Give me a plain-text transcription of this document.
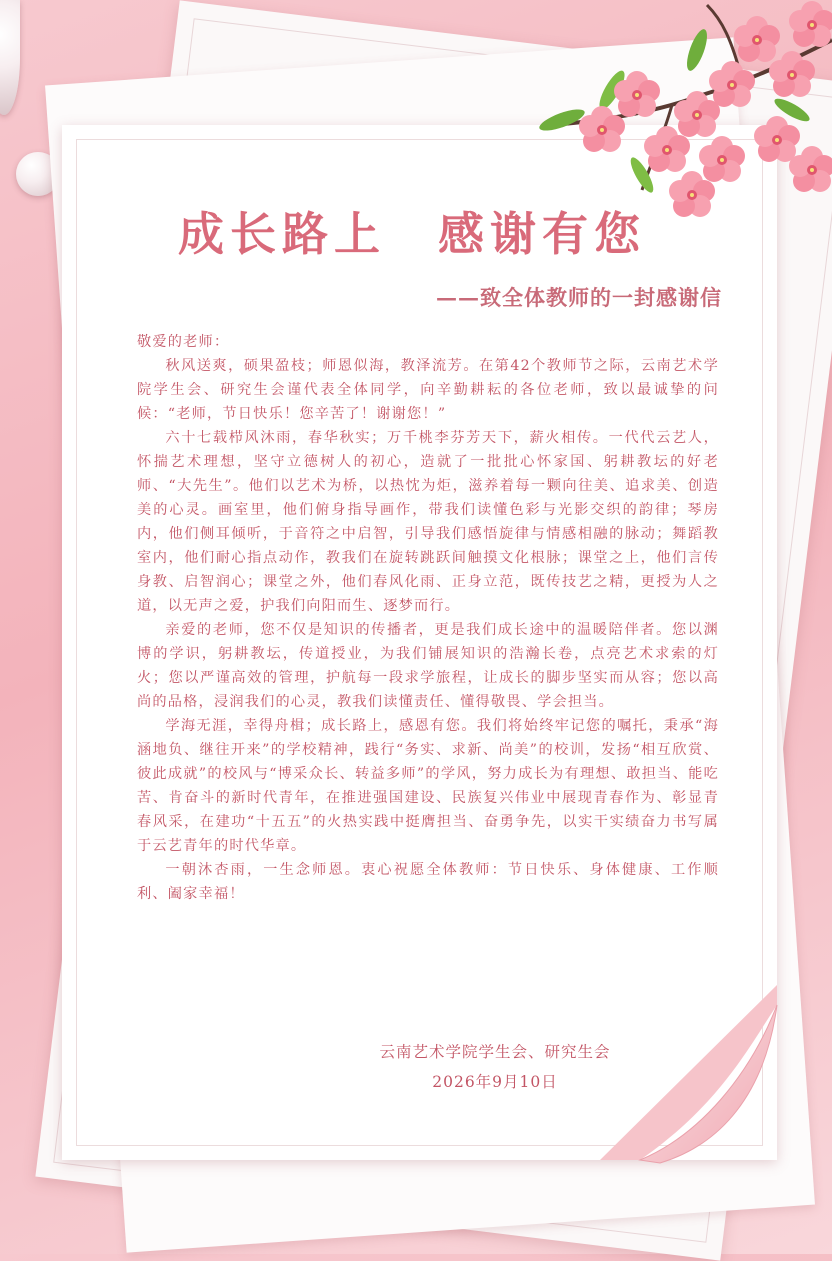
成长路上　感谢有您
——致全体教师的一封感谢信

敬爱的老师：

秋风送爽，硕果盈枝；师恩似海，教泽流芳。在第42个教师节之际，云南艺术学院学生会、研究生会谨代表全体同学，向辛勤耕耘的各位老师，致以最诚挚的问候：“老师，节日快乐！您辛苦了！谢谢您！”

六十七载栉风沐雨，春华秋实；万千桃李芬芳天下，薪火相传。一代代云艺人，怀揣艺术理想，坚守立德树人的初心，造就了一批批心怀家国、躬耕教坛的好老师、“大先生”。他们以艺术为桥，以热忱为炬，滋养着每一颗向往美、追求美、创造美的心灵。画室里，他们俯身指导画作，带我们读懂色彩与光影交织的韵律；琴房内，他们侧耳倾听，于音符之中启智，引导我们感悟旋律与情感相融的脉动；舞蹈教室内，他们耐心指点动作，教我们在旋转跳跃间触摸文化根脉；课堂之上，他们言传身教、启智润心；课堂之外，他们春风化雨、正身立范，既传技艺之精，更授为人之道，以无声之爱，护我们向阳而生、逐梦而行。

亲爱的老师，您不仅是知识的传播者，更是我们成长途中的温暖陪伴者。您以渊博的学识，躬耕教坛，传道授业，为我们铺展知识的浩瀚长卷，点亮艺术求索的灯火；您以严谨高效的管理，护航每一段求学旅程，让成长的脚步坚实而从容；您以高尚的品格，浸润我们的心灵，教我们读懂责任、懂得敬畏、学会担当。

学海无涯，幸得舟楫；成长路上，感恩有您。我们将始终牢记您的嘱托，秉承“海涵地负、继往开来”的学校精神，践行“务实、求新、尚美”的校训，发扬“相互欣赏、彼此成就”的校风与“博采众长、转益多师”的学风，努力成长为有理想、敢担当、能吃苦、肯奋斗的新时代青年，在推进强国建设、民族复兴伟业中展现青春作为、彰显青春风采，在建功“十五五”的火热实践中挺膺担当、奋勇争先，以实干实绩奋力书写属于云艺青年的时代华章。

一朝沐杏雨，一生念师恩。衷心祝愿全体教师：节日快乐、身体健康、工作顺利、阖家幸福！

云南艺术学院学生会、研究生会
2026年9月10日
